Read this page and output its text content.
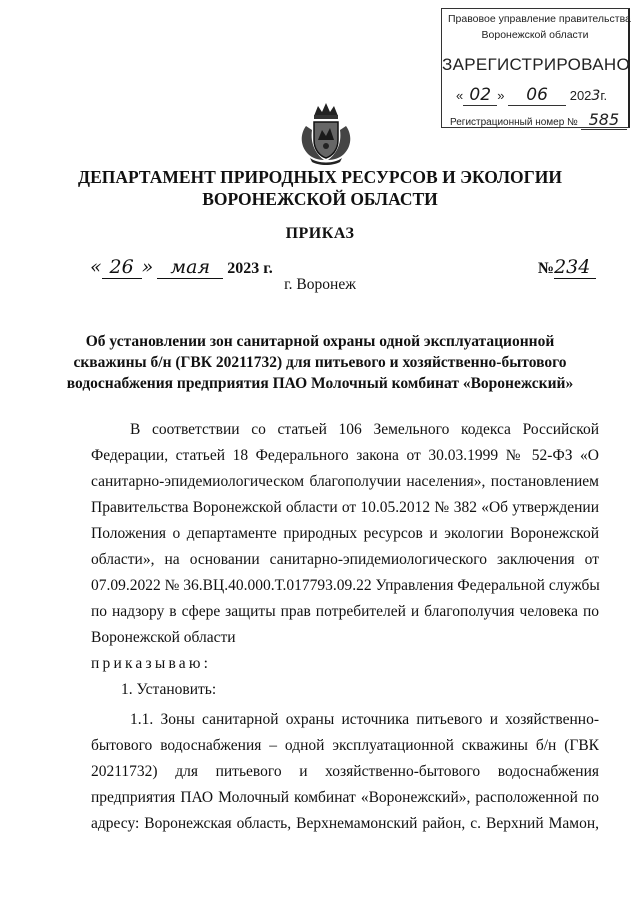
Правовое управление правительства
Воронежской области
ЗАРЕГИСТРИРОВАНО
« 02 » 06 2023г.
Регистрационный номер № 585
ДЕПАРТАМЕНТ ПРИРОДНЫХ РЕСУРСОВ И ЭКОЛОГИИ
ВОРОНЕЖСКОЙ ОБЛАСТИ
ПРИКАЗ
« 26 » мая 2023 г.	№234
г. Воронеж
Об установлении зон санитарной охраны одной эксплуатационной
скважины б/н (ГВК 20211732) для питьевого и хозяйственно-бытового
водоснабжения предприятия ПАО Молочный комбинат «Воронежский»
В соответствии со статьей 106 Земельного кодекса Российской
Федерации, статьей 18 Федерального закона от 30.03.1999 № 52-ФЗ «О
санитарно-эпидемиологическом благополучии населения», постановлением
Правительства Воронежской области от 10.05.2012 № 382 «Об утверждении
Положения о департаменте природных ресурсов и экологии Воронежской
области», на основании санитарно-эпидемиологического заключения от
07.09.2022 № 36.ВЦ.40.000.Т.017793.09.22 Управления Федеральной службы
по надзору в сфере защиты прав потребителей и благополучия человека по
Воронежской области
приказываю:
1. Установить:
1.1. Зоны санитарной охраны источника питьевого и хозяйственно-
бытового водоснабжения – одной эксплуатационной скважины б/н (ГВК
20211732) для питьевого и хозяйственно-бытового водоснабжения
предприятия ПАО Молочный комбинат «Воронежский», расположенной по
адресу: Воронежская область, Верхнемамонский район, с. Верхний Мамон,
